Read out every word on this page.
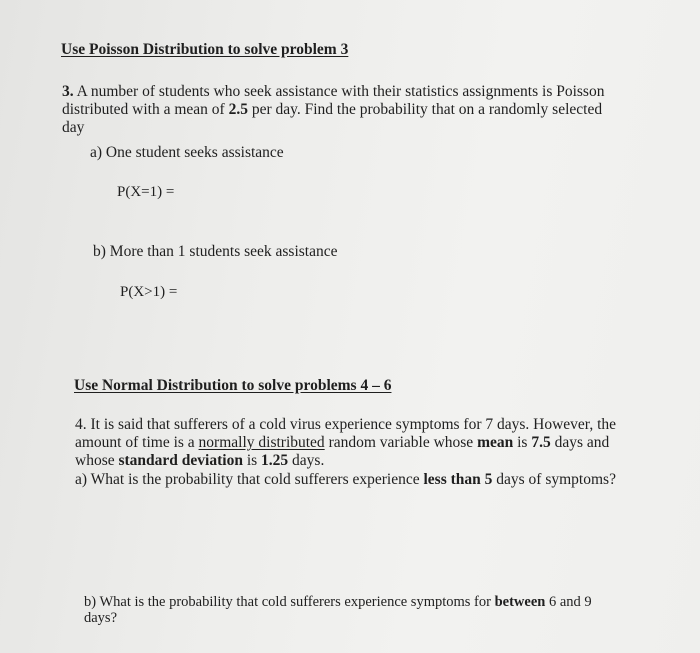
Use Poisson Distribution to solve problem 3
3. A number of students who seek assistance with their statistics assignments is Poisson
distributed with a mean of 2.5 per day. Find the probability that on a randomly selected
day
a) One student seeks assistance
P(X=1) =
b) More than 1 students seek assistance
P(X>1) =
Use Normal Distribution to solve problems 4 – 6
4. It is said that sufferers of a cold virus experience symptoms for 7 days. However, the
amount of time is a normally distributed random variable whose mean is 7.5 days and
whose standard deviation is 1.25 days.
a) What is the probability that cold sufferers experience less than 5 days of symptoms?
b) What is the probability that cold sufferers experience symptoms for between 6 and 9
days?
